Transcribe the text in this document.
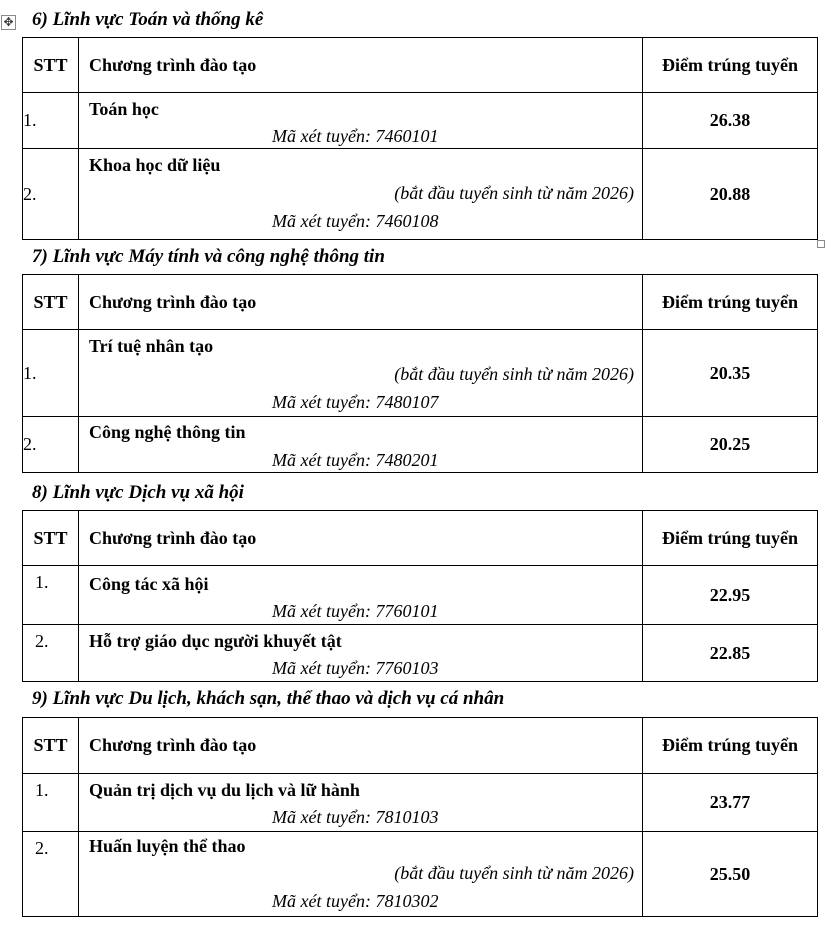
✥ 6) Lĩnh vực Toán và thống kê
STT	Chương trình đào tạo	Điểm trúng tuyển
1.	Toán học
Mã xét tuyển: 7460101	26.38
2.	Khoa học dữ liệu
(bắt đầu tuyển sinh từ năm 2026)
Mã xét tuyển: 7460108	20.88
7) Lĩnh vực Máy tính và công nghệ thông tin
STT	Chương trình đào tạo	Điểm trúng tuyển
1.	Trí tuệ nhân tạo
(bắt đầu tuyển sinh từ năm 2026)
Mã xét tuyển: 7480107	20.35
2.	Công nghệ thông tin
Mã xét tuyển: 7480201	20.25
8) Lĩnh vực Dịch vụ xã hội
STT	Chương trình đào tạo	Điểm trúng tuyển

1.	Công tác xã hội
Mã xét tuyển: 7760101	22.95

2.	Hỗ trợ giáo dục người khuyết tật
Mã xét tuyển: 7760103	22.85
9) Lĩnh vực Du lịch, khách sạn, thể thao và dịch vụ cá nhân
STT	Chương trình đào tạo	Điểm trúng tuyển

1.	Quản trị dịch vụ du lịch và lữ hành
Mã xét tuyển: 7810103	23.77

2.	Huấn luyện thể thao
(bắt đầu tuyển sinh từ năm 2026)
Mã xét tuyển: 7810302	25.50
